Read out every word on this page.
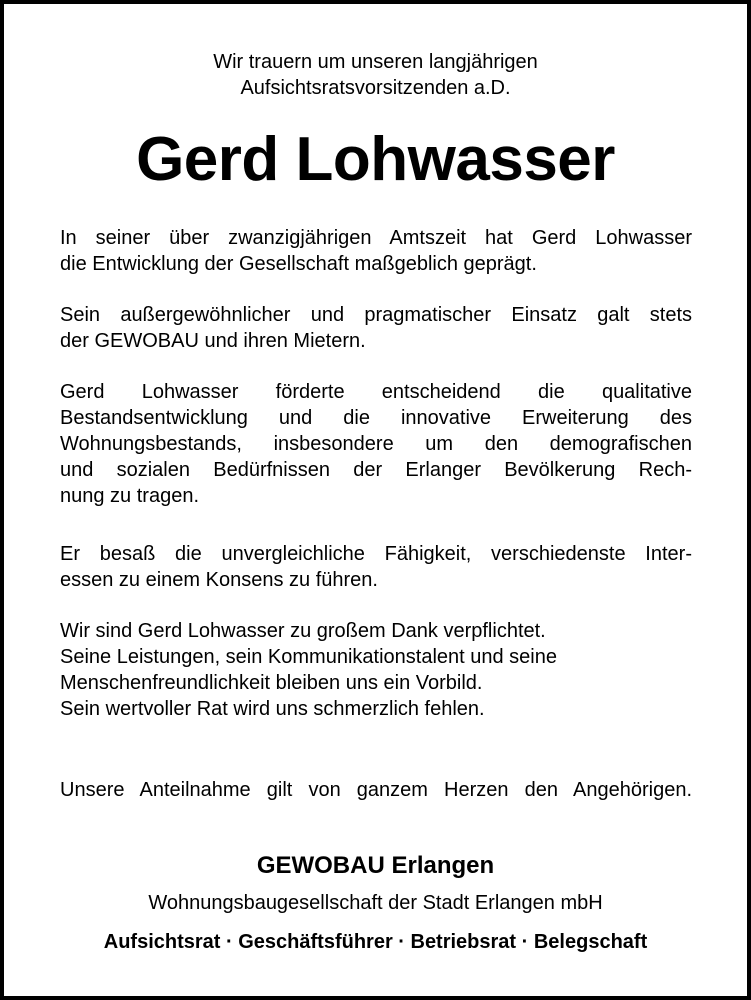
Wir trauern um unseren langjährigen
Aufsichtsratsvorsitzenden a.D.
Gerd Lohwasser

In seiner über zwanzigjährigen Amtszeit hat Gerd Lohwasser
die Entwicklung der Gesellschaft maßgeblich geprägt.

Sein außergewöhnlicher und pragmatischer Einsatz galt stets
der GEWOBAU und ihren Mietern.

Gerd Lohwasser förderte entscheidend die qualitative
Bestandsentwicklung und die innovative Erweiterung des
Wohnungsbestands, insbesondere um den demografischen
und sozialen Bedürfnissen der Erlanger Bevölkerung Rech-
nung zu tragen.

Er besaß die unvergleichliche Fähigkeit, verschiedenste Inter-
essen zu einem Konsens zu führen.

Wir sind Gerd Lohwasser zu großem Dank verpflichtet.
Seine Leistungen, sein Kommunikationstalent und seine
Menschenfreundlichkeit bleiben uns ein Vorbild.
Sein wertvoller Rat wird uns schmerzlich fehlen.

Unsere Anteilnahme gilt von ganzem Herzen den Angehörigen.
GEWOBAU Erlangen
Wohnungsbaugesellschaft der Stadt Erlangen mbH
Aufsichtsrat · Geschäftsführer · Betriebsrat · Belegschaft
